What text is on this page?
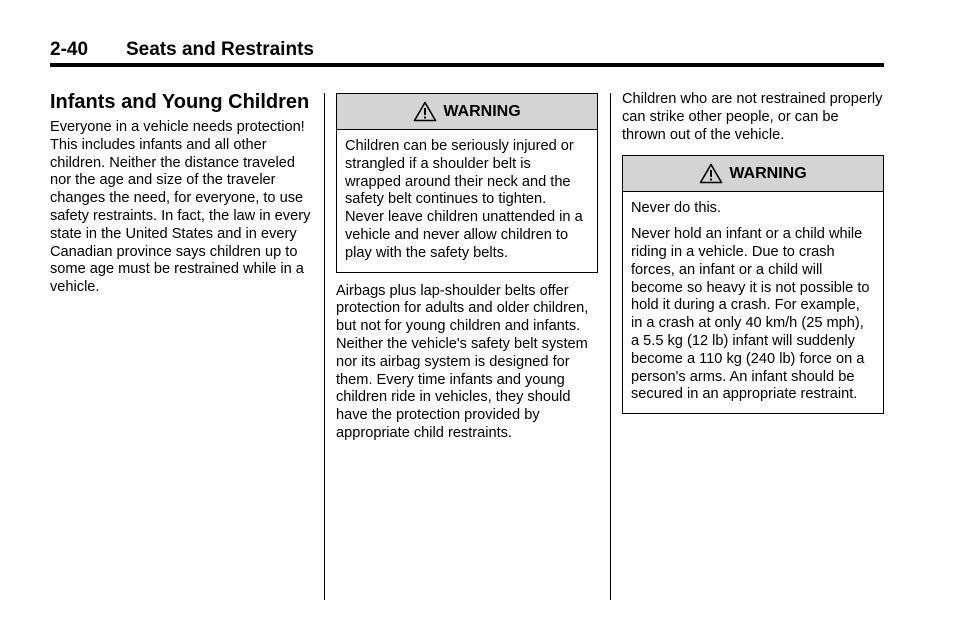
2-40 Seats and Restraints
Infants and Young Children

Everyone in a vehicle needs protection! This includes infants and all other children. Neither the distance traveled nor the age and size of the traveler changes the need, for everyone, to use safety restraints. In fact, the law in every state in the United States and in every Canadian province says children up to some age must be restrained while in a vehicle.

WARNING

Children can be seriously injured or strangled if a shoulder belt is wrapped around their neck and the safety belt continues to tighten. Never leave children unattended in a vehicle and never allow children to play with the safety belts.

Airbags plus lap-shoulder belts offer protection for adults and older children, but not for young children and infants. Neither the vehicle's safety belt system nor its airbag system is designed for them. Every time infants and young children ride in vehicles, they should have the protection provided by appropriate child restraints.

Children who are not restrained properly can strike other people, or can be thrown out of the vehicle.

WARNING

Never do this.

Never hold an infant or a child while riding in a vehicle. Due to crash forces, an infant or a child will become so heavy it is not possible to hold it during a crash. For example, in a crash at only 40 km/h (25 mph), a 5.5 kg (12 lb) infant will suddenly become a 110 kg (240 lb) force on a person's arms. An infant should be secured in an appropriate restraint.
